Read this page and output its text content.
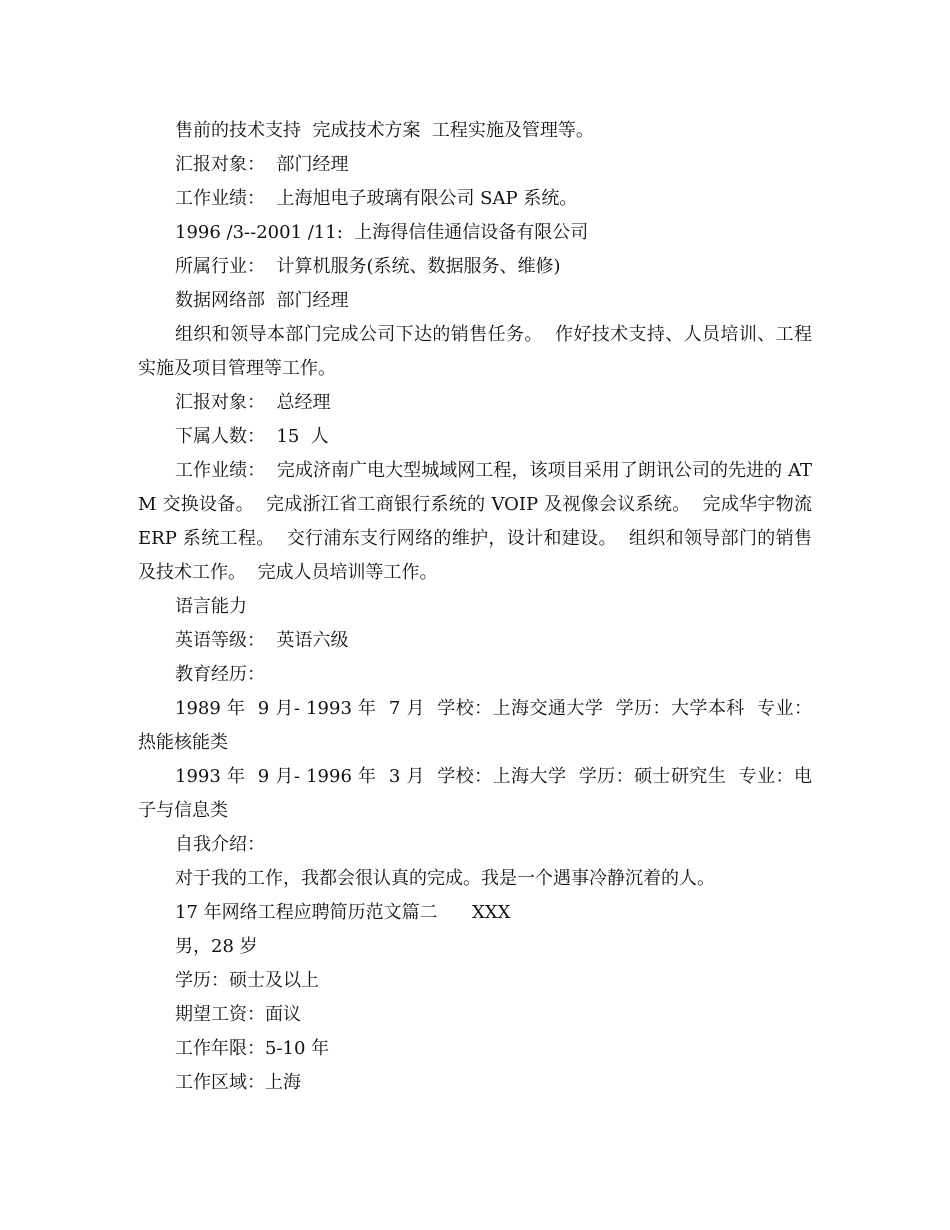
售前的技术支持  完成技术方案  工程实施及管理等。

汇报对象：  部门经理

工作业绩：  上海旭电子玻璃有限公司 SAP 系统。

1996 /3--2001 /11:  上海得信佳通信设备有限公司

所属行业：  计算机服务(系统、数据服务、维修)

数据网络部  部门经理

组织和领导本部门完成公司下达的销售任务。  作好技术支持、人员培训、工程实施及项目管理等工作。

汇报对象：  总经理

下属人数：  15  人

工作业绩：  完成济南广电大型城域网工程，该项目采用了朗讯公司的先进的 ATM 交换设备。  完成浙江省工商银行系统的 VOIP 及视像会议系统。  完成华宇物流 ERP 系统工程。  交行浦东支行网络的维护，设计和建设。  组织和领导部门的销售及技术工作。  完成人员培训等工作。

语言能力

英语等级：  英语六级

教育经历：

1989 年  9 月- 1993 年  7 月  学校：上海交通大学  学历：大学本科  专业：热能核能类

1993 年  9 月- 1996 年  3 月  学校：上海大学  学历：硕士研究生  专业：电子与信息类

自我介绍：

对于我的工作，我都会很认真的完成。我是一个遇事冷静沉着的人。

17 年网络工程应聘简历范文篇二      XXX

男，28 岁

学历：硕士及以上

期望工资：面议

工作年限：5-10 年

工作区域：上海
